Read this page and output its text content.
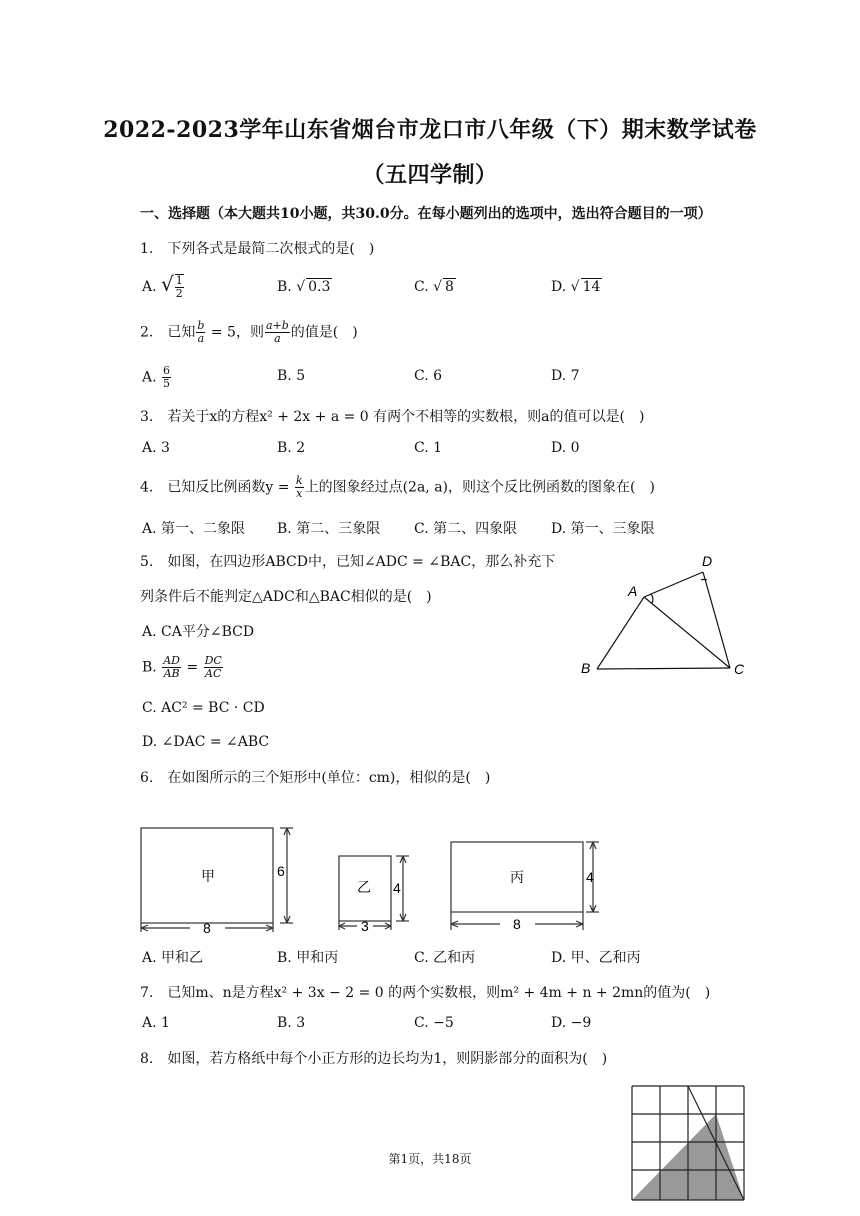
2022-2023学年山东省烟台市龙口市八年级（下）期末数学试卷
（五四学制）
一、选择题（本大题共10小题，共30.0分。在每小题列出的选项中，选出符合题目的一项）
1.　下列各式是最简二次根式的是(　)
A. √ $\frac{1}{2}$	B. √ 0.3	C. √ 8	D. √ 14
2.　已知 $\frac{b}{a} = 5$，则 $\frac{a+b}{a}$ 的值是(　)
A. $\frac{6}{5}$	B. 5	C. 6	D. 7
3.　若关于x的方程x² + 2x + a = 0 有两个不相等的实数根，则a的值可以是(　)
A. 3	B. 2	C. 1	D. 0
4.　已知反比例函数$y = \frac{k}{x}$ 上的图象经过点(2a, a)，则这个反比例函数的图象在(　)
A. 第一、二象限 B. 第二、三象限 C. 第二、四象限 D. 第一、三象限
5.　如图，在四边形ABCD中，已知∠ADC = ∠BAC，那么补充下
列条件后不能判定△ADC和△BAC相似的是(　)
A. CA平分∠BCD
B. $\frac{AD}{AB} = \frac{DC}{AC}$
C. AC² = BC · CD
D. ∠DAC = ∠ABC
A
D
B	C
6.　在如图所示的三个矩形中(单位：cm)，相似的是(　)
甲	6
8
乙 4
3
丙	4
8
A. 甲和乙	B. 甲和丙	C. 乙和丙	D. 甲、乙和丙
7.　已知m、n是方程x² + 3x − 2 = 0 的两个实数根，则m² + 4m + n + 2mn的值为(　)
A. 1	B. 3	C. −5	D. −9
8.　如图，若方格纸中每个小正方形的边长均为1，则阴影部分的面积为(　)
第1页，共18页
